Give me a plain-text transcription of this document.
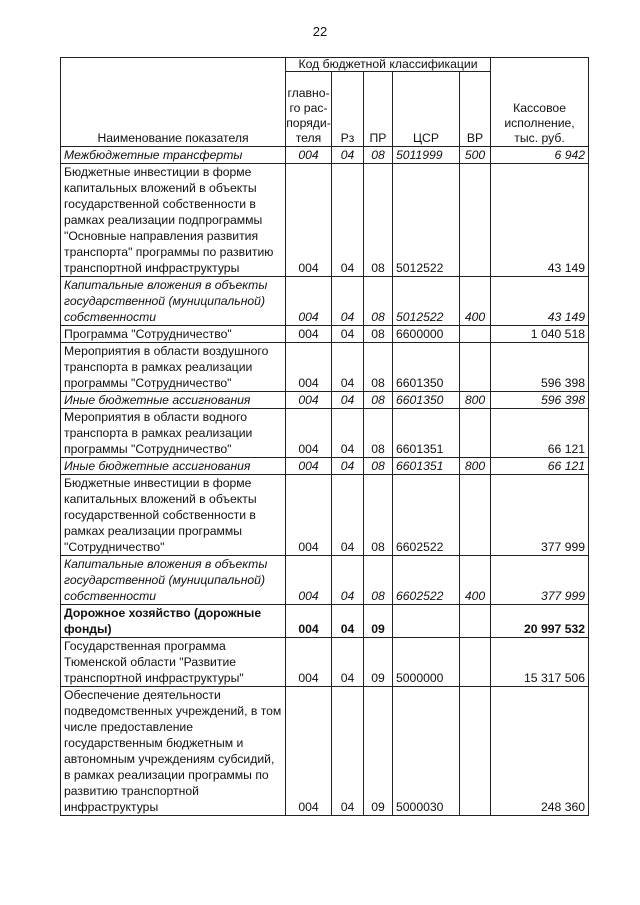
22
Наименование показателя	Код бюджетной классификации					Кассовое исполнение, тыс. руб.
	главно-го рас-поряди-теля	Рз	ПР	ЦСР	ВР	
Межбюджетные трансферты	004	04	08	5011999	500	6 942
Бюджетные инвестиции в форме капитальных вложений в объекты государственной собственности в рамках реализации подпрограммы "Основные направления развития транспорта" программы по развитию транспортной инфраструктуры	004	04	08	5012522		43 149
Капитальные вложения в объекты государственной (муниципальной) собственности	004	04	08	5012522	400	43 149
Программа "Сотрудничество"	004	04	08	6600000		1 040 518
Мероприятия в области воздушного транспорта в рамках реализации программы "Сотрудничество"	004	04	08	6601350		596 398
Иные бюджетные ассигнования	004	04	08	6601350	800	596 398
Мероприятия в области водного транспорта в рамках реализации программы "Сотрудничество"	004	04	08	6601351		66 121
Иные бюджетные ассигнования	004	04	08	6601351	800	66 121
Бюджетные инвестиции в форме капитальных вложений в объекты государственной собственности в рамках реализации программы "Сотрудничество"	004	04	08	6602522		377 999
Капитальные вложения в объекты государственной (муниципальной) собственности	004	04	08	6602522	400	377 999
Дорожное хозяйство (дорожные фонды)	004	04	09			20 997 532
Государственная программа Тюменской области "Развитие транспортной инфраструктуры"	004	04	09	5000000		15 317 506
Обеспечение деятельности подведомственных учреждений, в том числе предоставление государственным бюджетным и автономным учреждениям субсидий, в рамках реализации программы по развитию транспортной инфраструктуры	004	04	09	5000030		248 360
